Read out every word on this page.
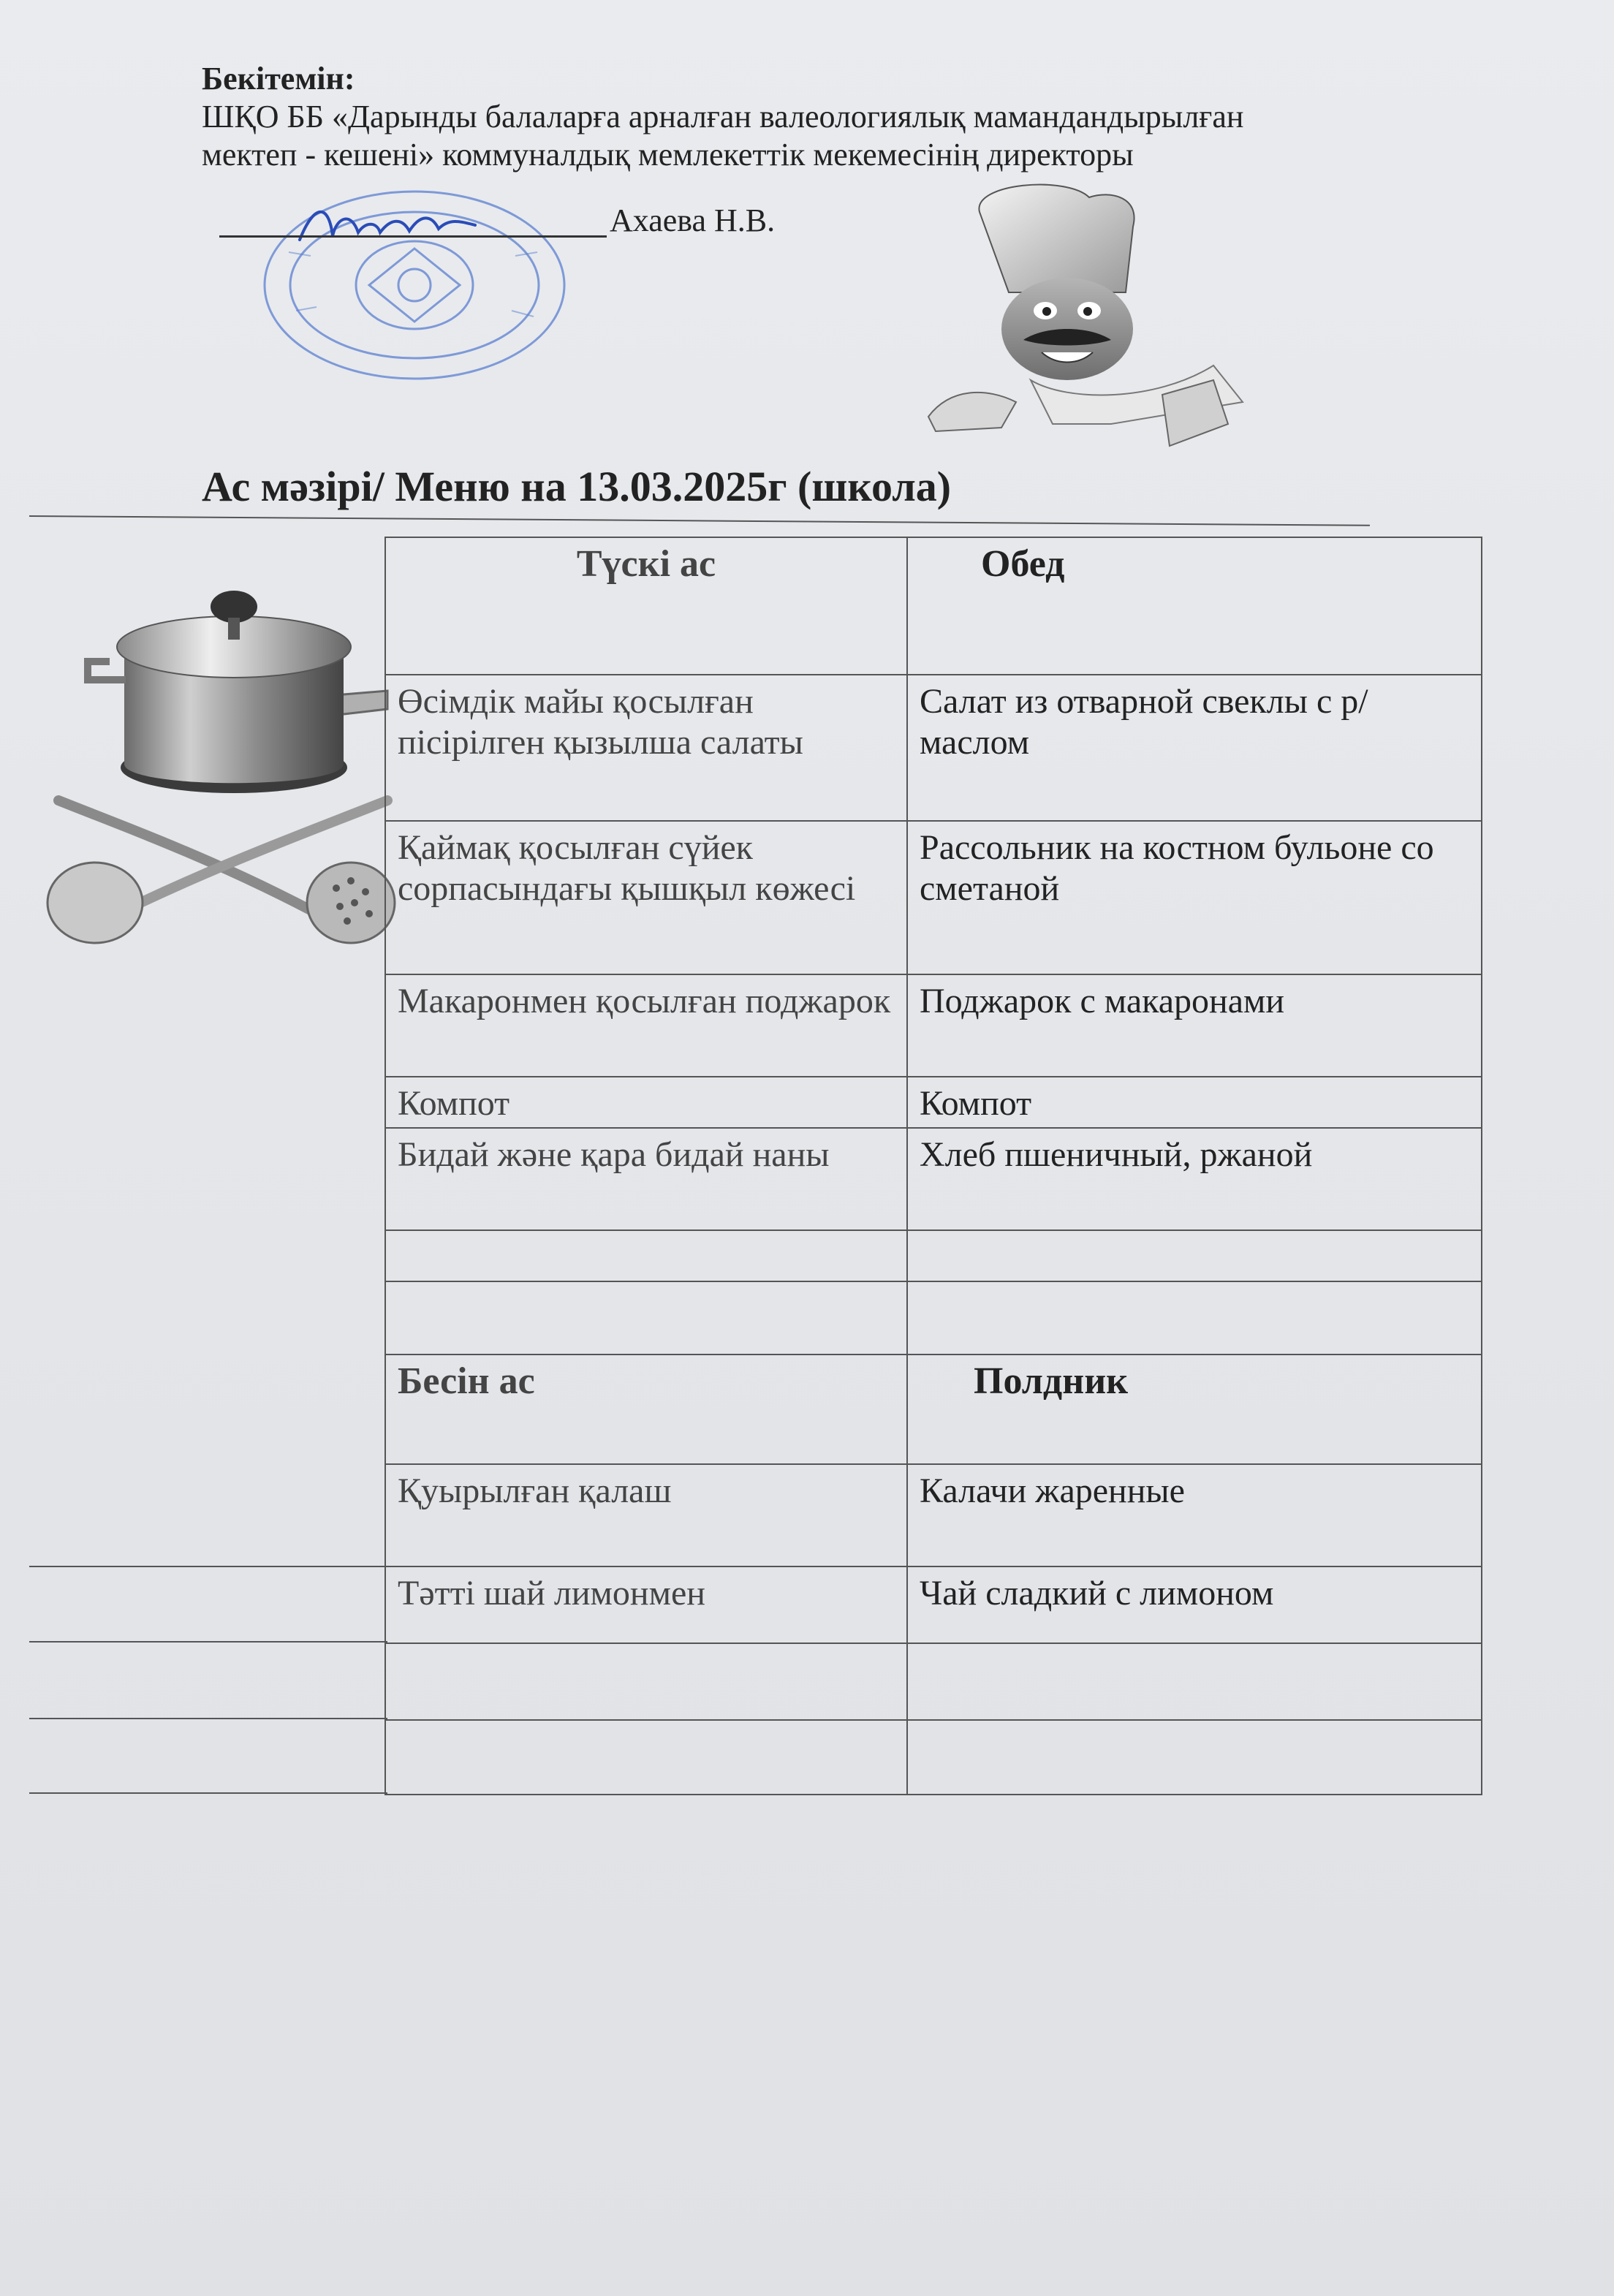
Бекітемін:
ШҚО ББ «Дарынды балаларға арналған валеологиялық мамандандырылған
мектеп - кешені» коммуналдық мемлекеттік мекемесінің директоры
Ахаева Н.В.
Ас мәзірі/ Меню на 13.03.2025г (школа)
Түскі ас	Обед
Өсімдік майы қосылған пісірілген қызылша салаты	Салат из отварной свеклы с р/маслом
Қаймақ қосылған сүйек сорпасындағы қышқыл көжесі	Рассольник на костном бульоне со сметаной
Макаронмен қосылған поджарок	Поджарок с макаронами
Компот	Компот
Бидай және қара бидай наны	Хлеб пшеничный, ржаной

Бесін ас	Полдник
Қуырылған қалаш	Калачи жаренные
Тәтті шай лимонмен	Чай сладкий с лимоном
